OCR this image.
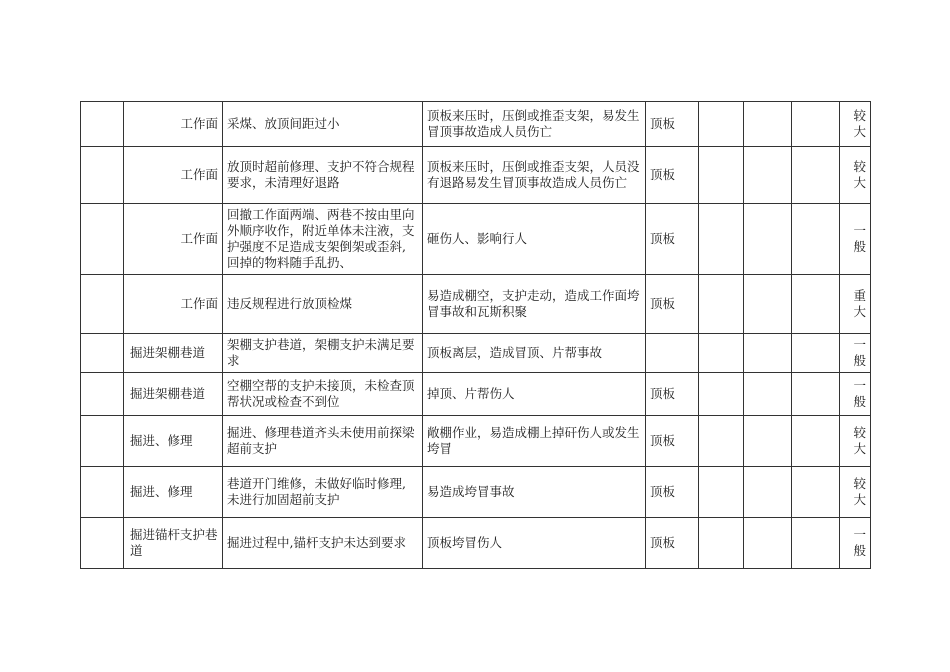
	工作面	采煤、放顶间距过小	顶板来压时，压倒或推歪支架，易发生冒顶事故造成人员伤亡	顶板					较大
	工作面	放顶时超前修理、支护不符合规程要求，未清理好退路	顶板来压时，压倒或推歪支架，人员没有退路易发生冒顶事故造成人员伤亡	顶板					较大
	工作面	回撤工作面两端、两巷不按由里向外顺序收作，附近单体未注液，支护强度不足造成支架倒架或歪斜,回掉的物料随手乱扔、	砸伤人、影响行人	顶板					一般
	工作面	违反规程进行放顶检煤	易造成棚空，支护走动，造成工作面垮冒事故和瓦斯积聚	顶板					重大
	掘进架棚巷道	架棚支护巷道，架棚支护未满足要求	顶板离层，造成冒顶、片帮事故						一般
	掘进架棚巷道	空棚空帮的支护未接顶，未检查顶帮状况或检查不到位	掉顶、片帮伤人	顶板					一般
	掘进、修理	掘进、修理巷道齐头未使用前探梁超前支护	敞棚作业，易造成棚上掉矸伤人或发生垮冒	顶板					较大
	掘进、修理	巷道开门维修，未做好临时修理,未进行加固超前支护	易造成垮冒事故	顶板					较大
	掘进锚杆支护巷道	掘进过程中,锚杆支护未达到要求	顶板垮冒伤人	顶板					一般
